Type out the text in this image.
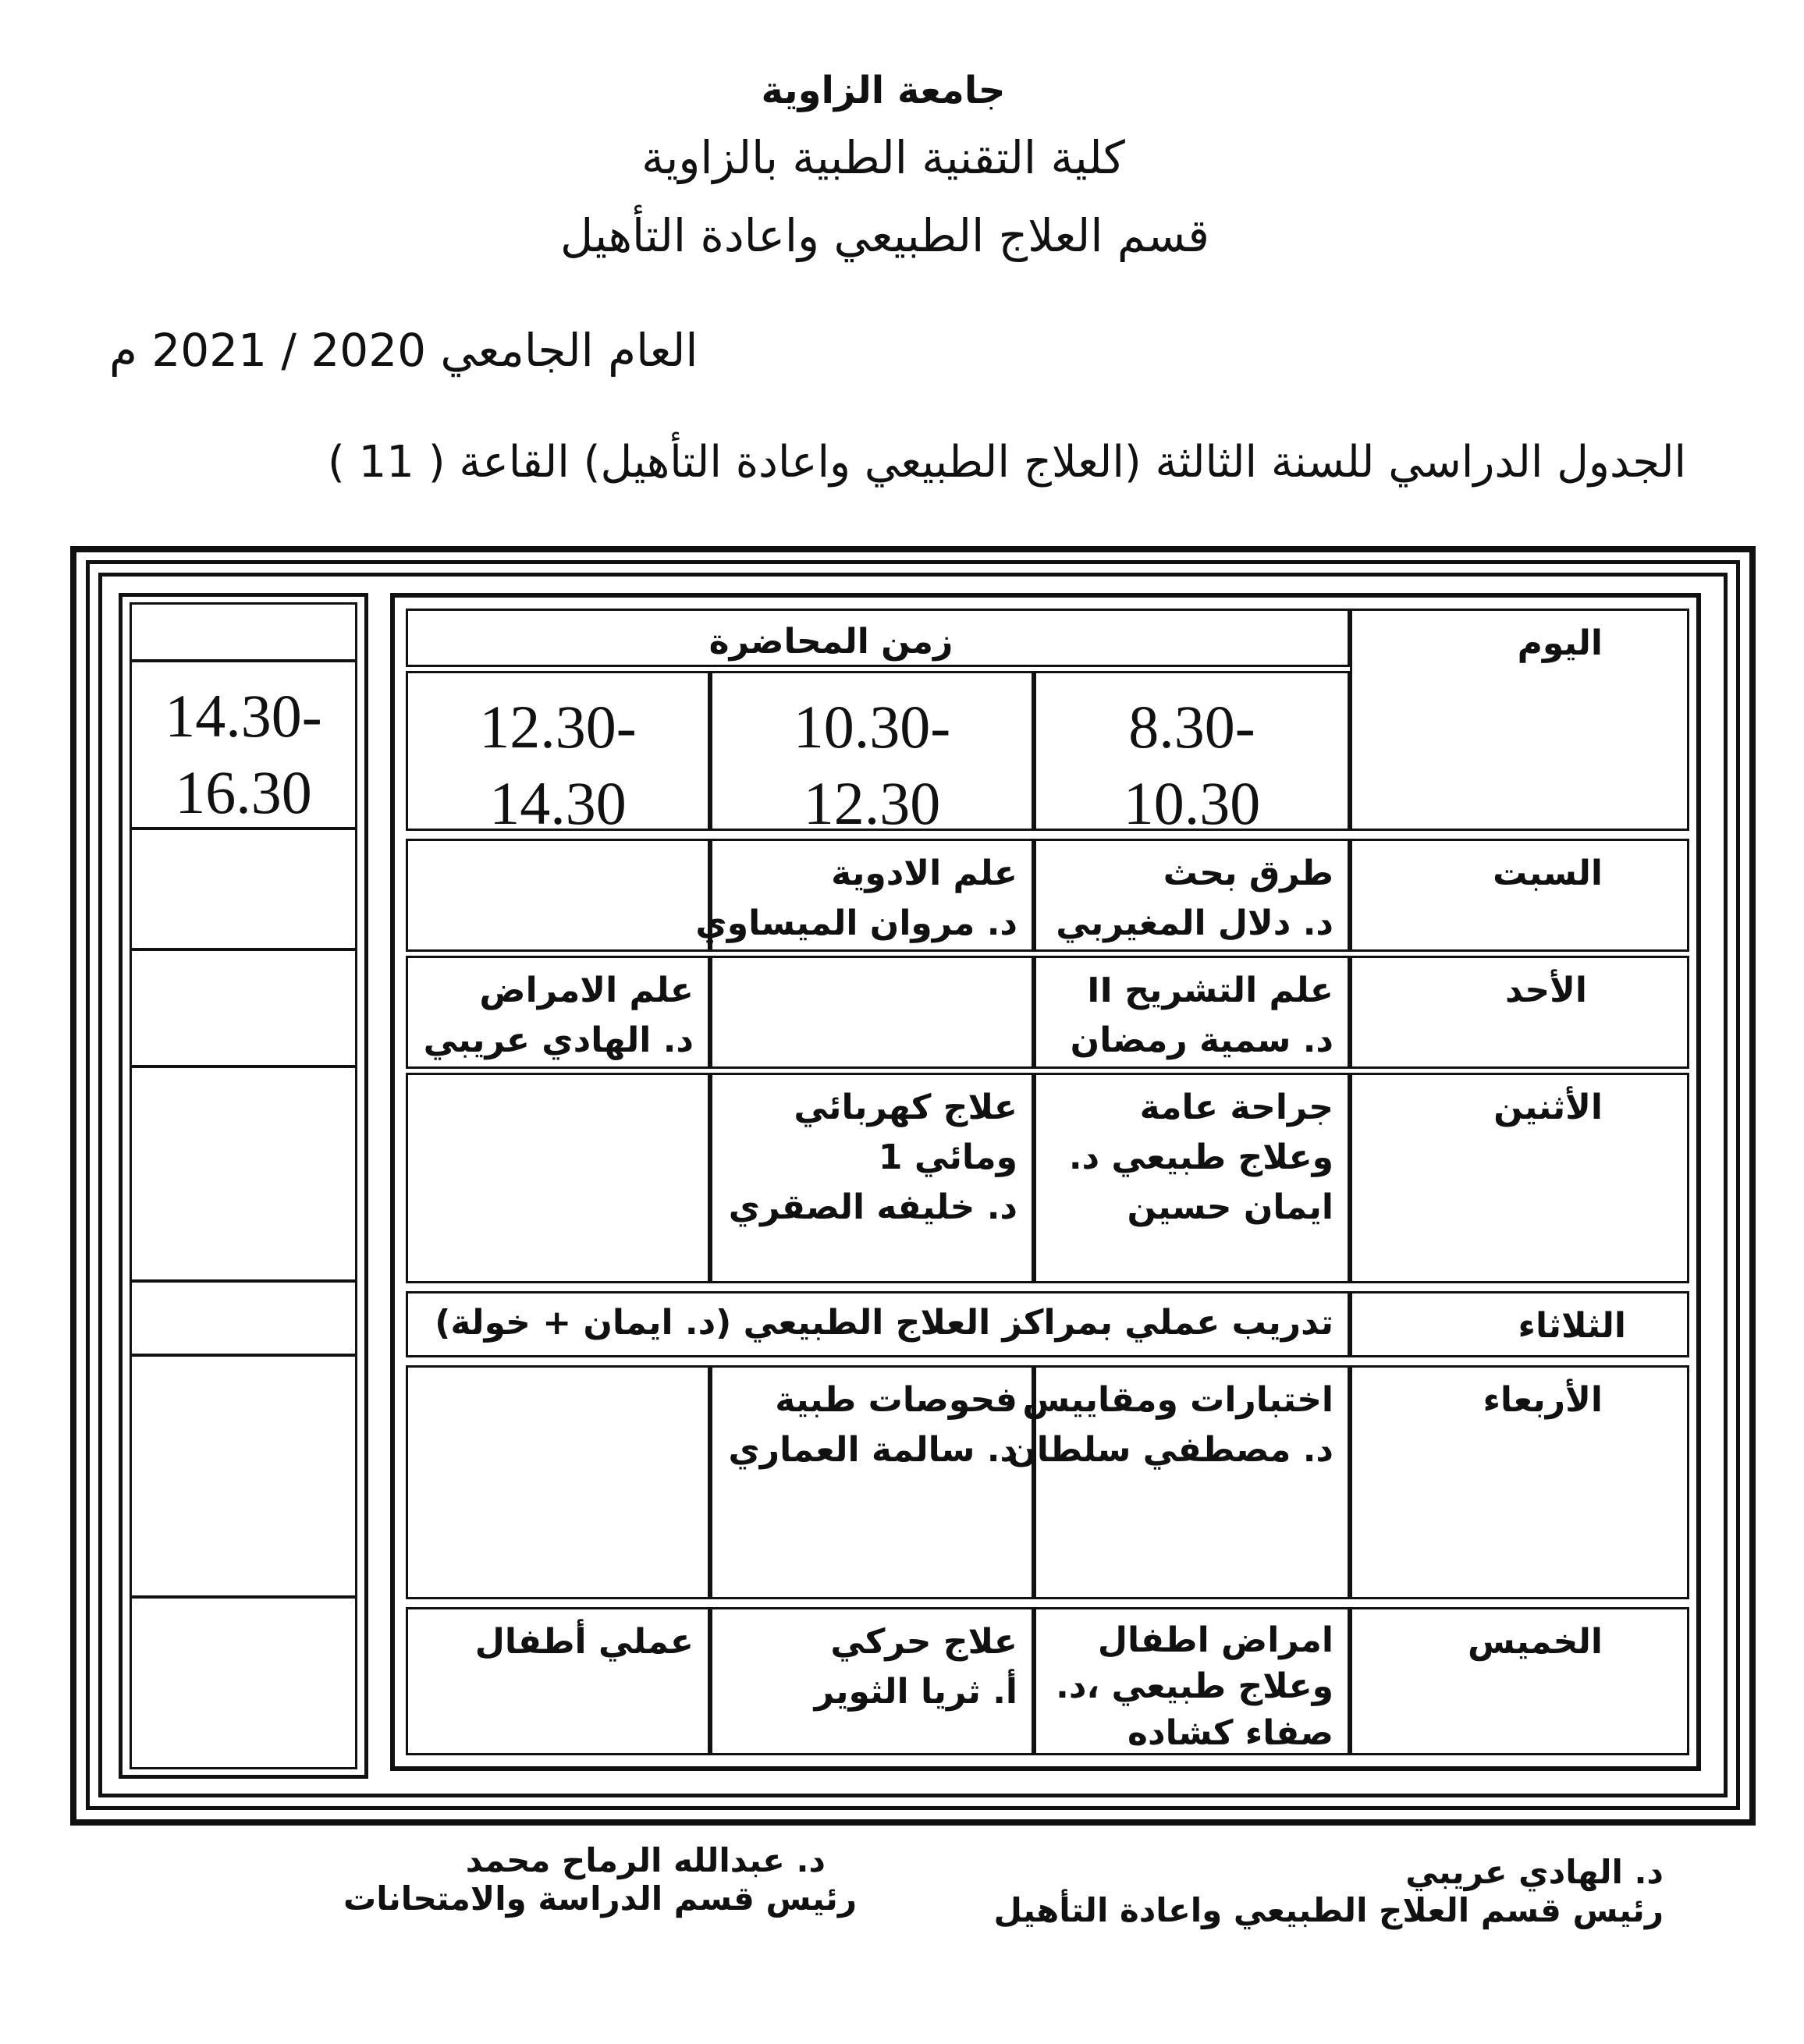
جامعة الزاوية
كلية التقنية الطبية بالزاوية
قسم العلاج الطبيعي واعادة التأهيل
العام الجامعي 2020 / 2021 م
الجدول الدراسي للسنة الثالثة (العلاج الطبيعي واعادة التأهيل) القاعة ( 11 )
-14.30
16.30
اليوم
زمن المحاضرة
-8.30
10.30
-10.30
12.30
-12.30
14.30
السبت
طرق بحث
د. دلال المغيربي
علم الادوية
د. مروان الميساوي
الأحد
علم التشريح II
د. سمية رمضان
علم الامراض
د. الهادي عريبي
الأثنين
جراحة عامة
وعلاج طبيعي د.
ايمان حسين
علاج كهربائي
ومائي 1
د. خليفه الصقري
الثلاثاء
تدريب عملي بمراكز العلاج الطبيعي (د. ايمان + خولة)
الأربعاء
اختبارات ومقاييس
د. مصطفي سلطان
فحوصات طبية
د. سالمة العماري
الخميس
امراض اطفال
وعلاج طبيعي ،د.
صفاء كشاده
علاج حركي
أ. ثريا الثوير
عملي أطفال
د. الهادي عريبي
رئيس قسم العلاج الطبيعي واعادة التأهيل
د. عبدالله الرماح محمد
رئيس قسم الدراسة والامتحانات
